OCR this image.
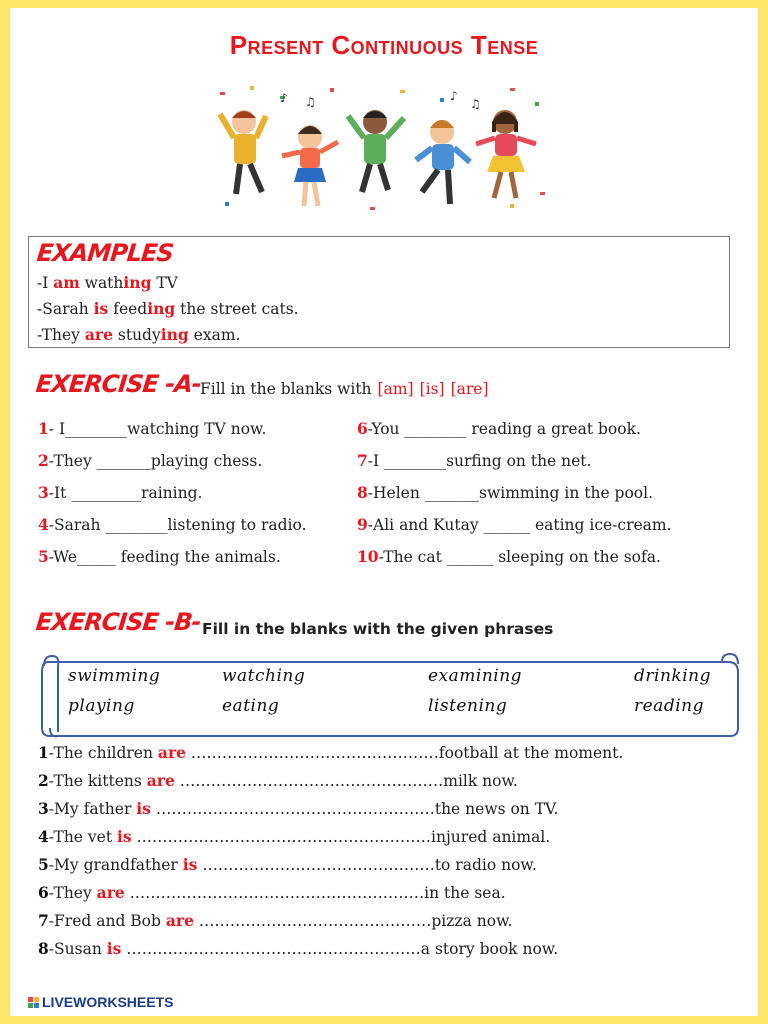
Present Continuous Tense
♪ ♫	♪
♫
EXAMPLES
-I am wathing TV
-Sarah is feeding the street cats.
-They are studying exam.
EXERCISE -A-
Fill in the blanks with [am] [is] [are]
1- I________watching TV now.
2-They _______playing chess.
3-It _________raining.
4-Sarah ________listening to radio.
5-We_____ feeding the animals.
6-You ________ reading a great book.
7-I ________surfing on the net.
8-Helen _______swimming in the pool.
9-Ali and Kutay ______ eating ice-cream.
10-The cat ______ sleeping on the sofa.
EXERCISE -B- Fill in the blanks with the given phrases
swimming	watching	examining	drinking
playing	eating	listening	reading
1-The children are …………………………………………football at the moment.
2-The kittens are ……………………………………………milk now.
3-My father is ………………………………………………the news on TV.
4-The vet is …………………………………………………injured animal.
5-My grandfather is ………………………………………to radio now.
6-They are …………………………………………………in the sea.
7-Fred and Bob are ………………………………………pizza now.
8-Susan is …………………………………………………a story book now.
LIVEWORKSHEETS
